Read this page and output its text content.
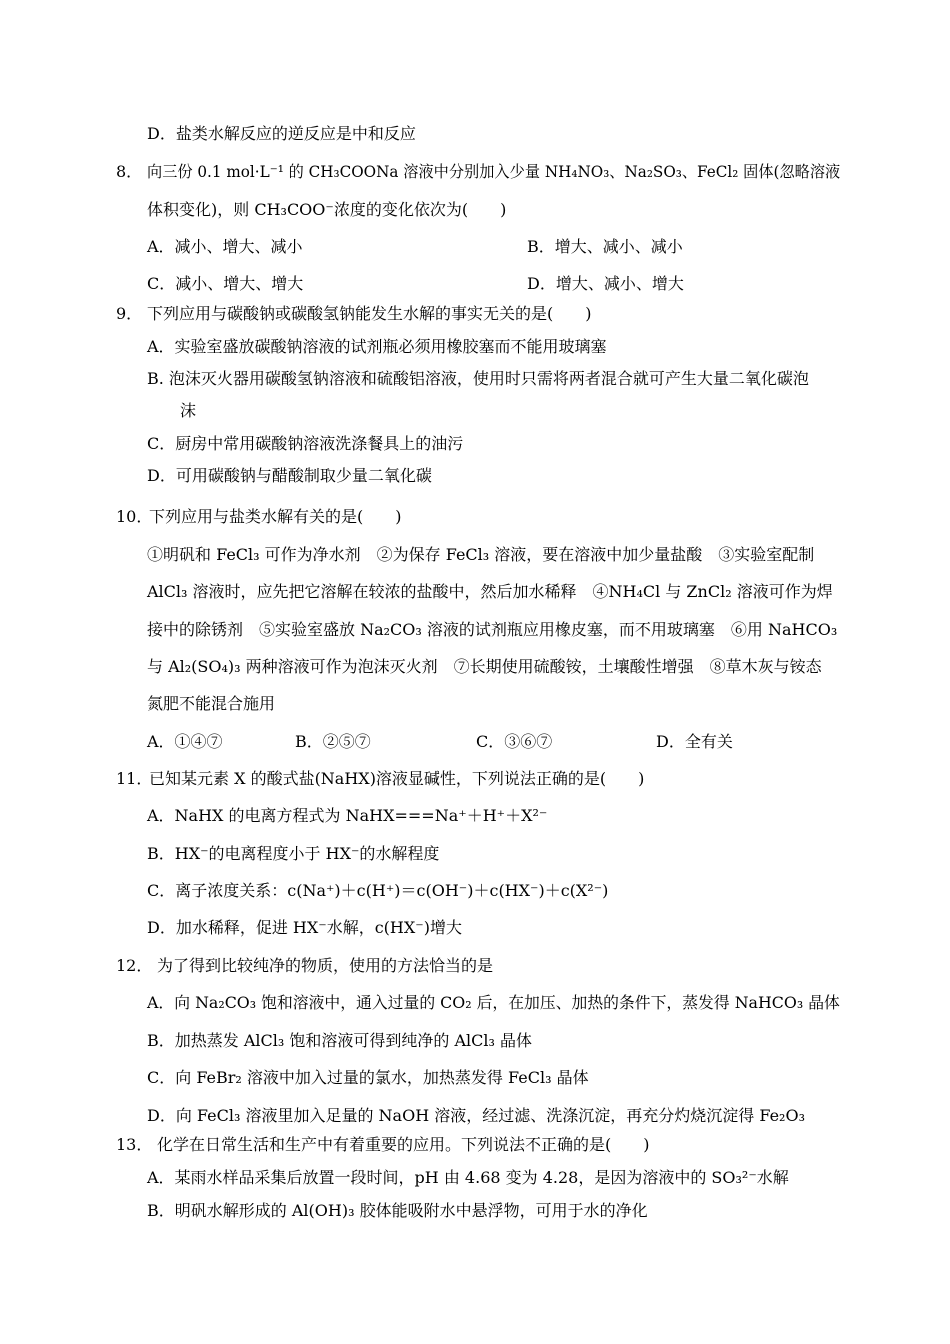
D．盐类水解反应的逆反应是中和反应
8． 向三份 0.1 mol·L⁻¹ 的 CH₃COONa 溶液中分别加入少量 NH₄NO₃、Na₂SO₃、FeCl₂ 固体(忽略溶液
体积变化)，则 CH₃COO⁻浓度的变化依次为(　　)
A．减小、增大、减小	B．增大、减小、减小
C．减小、增大、增大	D．增大、减小、增大
9． 下列应用与碳酸钠或碳酸氢钠能发生水解的事实无关的是(　　)
A．实验室盛放碳酸钠溶液的试剂瓶必须用橡胶塞而不能用玻璃塞
B. 泡沫灭火器用碳酸氢钠溶液和硫酸铝溶液，使用时只需将两者混合就可产生大量二氧化碳泡
沫
C．厨房中常用碳酸钠溶液洗涤餐具上的油污
D．可用碳酸钠与醋酸制取少量二氧化碳
10．
下列应用与盐类水解有关的是(　　)
①明矾和 FeCl₃ 可作为净水剂　②为保存 FeCl₃ 溶液，要在溶液中加少量盐酸　③实验室配制
AlCl₃ 溶液时，应先把它溶解在较浓的盐酸中，然后加水稀释　④NH₄Cl 与 ZnCl₂ 溶液可作为焊
接中的除锈剂　⑤实验室盛放 Na₂CO₃ 溶液的试剂瓶应用橡皮塞，而不用玻璃塞　⑥用 NaHCO₃
与 Al₂(SO₄)₃ 两种溶液可作为泡沫灭火剂　⑦长期使用硫酸铵，土壤酸性增强　⑧草木灰与铵态
氮肥不能混合施用
A．①④⑦	B．②⑤⑦	C．③⑥⑦	D．全有关
11．
已知某元素 X 的酸式盐(NaHX)溶液显碱性，下列说法正确的是(　　)
A．NaHX 的电离方程式为 NaHX===Na⁺＋H⁺＋X²⁻
B．HX⁻的电离程度小于 HX⁻的水解程度
C．离子浓度关系：c(Na⁺)＋c(H⁺)＝c(OH⁻)＋c(HX⁻)＋c(X²⁻)
D．加水稀释，促进 HX⁻水解，c(HX⁻)增大
12． 为了得到比较纯净的物质，使用的方法恰当的是
A．向 Na₂CO₃ 饱和溶液中，通入过量的 CO₂ 后，在加压、加热的条件下，蒸发得 NaHCO₃ 晶体
B．加热蒸发 AlCl₃ 饱和溶液可得到纯净的 AlCl₃ 晶体
C．向 FeBr₂ 溶液中加入过量的氯水，加热蒸发得 FeCl₃ 晶体
D．向 FeCl₃ 溶液里加入足量的 NaOH 溶液，经过滤、洗涤沉淀，再充分灼烧沉淀得 Fe₂O₃
13． 化学在日常生活和生产中有着重要的应用。下列说法不正确的是(　　)
A．某雨水样品采集后放置一段时间，pH 由 4.68 变为 4.28，是因为溶液中的 SO₃²⁻水解
B．明矾水解形成的 Al(OH)₃ 胶体能吸附水中悬浮物，可用于水的净化
